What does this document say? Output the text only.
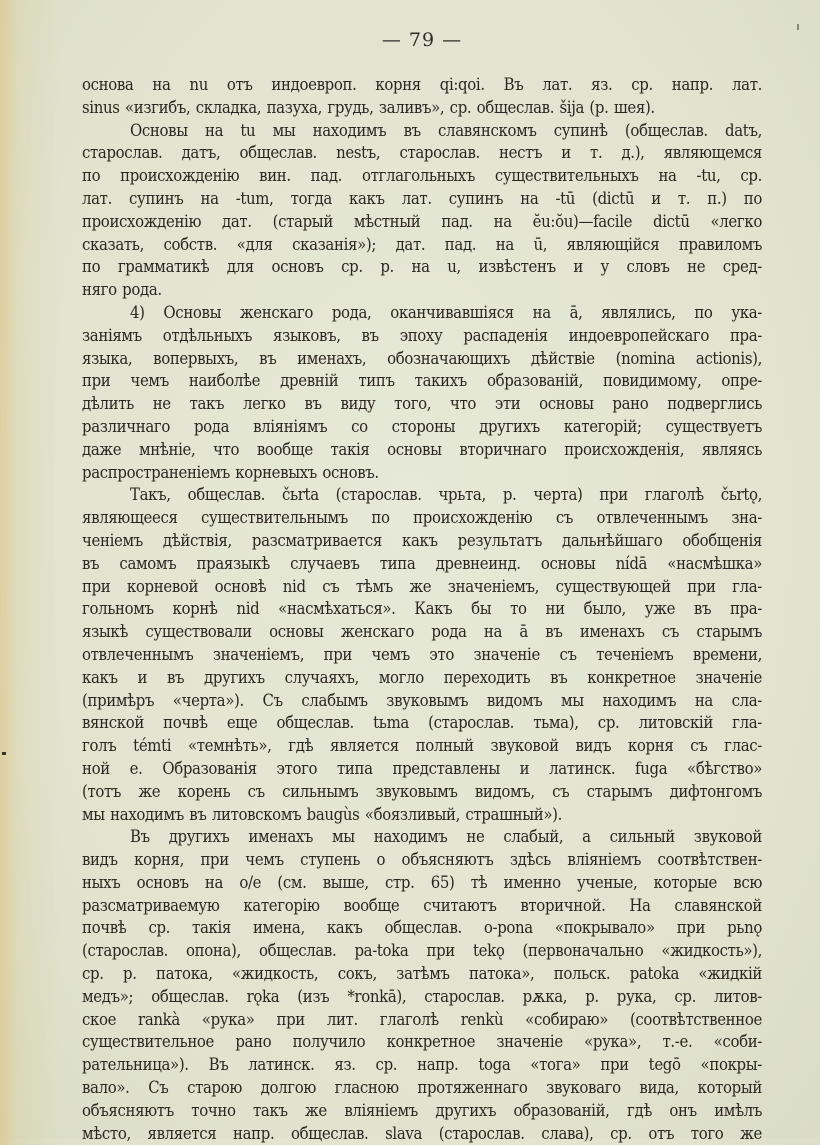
— 79 —
основа на nu отъ индоевроп. корня qi:qoi. Въ лат. яз. ср. напр. лат.
sinus «изгибъ, складка, пазуха, грудь, заливъ», ср. общеслав. šija (р. шея).
Основы на tu мы находимъ въ славянскомъ супинѣ (общеслав. datъ,
старослав. датъ, общеслав. nestъ, старослав. нестъ и т. д.), являющемся
по происхожденію вин. пад. отглагольныхъ существительныхъ на -tu, ср.
лат. супинъ на -tum, тогда какъ лат. супинъ на -tū (dictū и т. п.) по
происхожденію дат. (старый мѣстный пад. на ĕu:ŏu)—facile dictū «легко
сказать, собств. «для сказанія»); дат. пад. на ū, являющійся правиломъ
по грамматикѣ для основъ ср. р. на u, извѣстенъ и у словъ не сред-
няго рода.
4) Основы женскаго рода, оканчивавшіяся на ā, являлись, по ука-
заніямъ отдѣльныхъ языковъ, въ эпоху распаденія индоевропейскаго пра-
языка, вопервыхъ, въ именахъ, обозначающихъ дѣйствіе (nomina actionis),
при чемъ наиболѣе древній типъ такихъ образованій, повидимому, опре-
дѣлить не такъ легко въ виду того, что эти основы рано подверглись
различнаго рода вліяніямъ со стороны другихъ категорій; существуетъ
даже мнѣніе, что вообще такія основы вторичнаго происхожденія, являясь
распространеніемъ корневыхъ основъ.
Такъ, общеслав. čьrta (старослав. чрьта, р. черта) при глаголѣ čьrtǫ,
являющееся существительнымъ по происхожденію съ отвлеченнымъ зна-
ченіемъ дѣйствія, разсматривается какъ результатъ дальнѣйшаго обобщенія
въ самомъ праязыкѣ случаевъ типа древнеинд. основы nídā «насмѣшка»
при корневой основѣ nid съ тѣмъ же значеніемъ, существующей при гла-
гольномъ корнѣ nid «насмѣхаться». Какъ бы то ни было, уже въ пра-
языкѣ существовали основы женскаго рода на ā въ именахъ съ старымъ
отвлеченнымъ значеніемъ, при чемъ это значеніе съ теченіемъ времени,
какъ и въ другихъ случаяхъ, могло переходить въ конкретное значеніе
(примѣръ «черта»). Съ слабымъ звуковымъ видомъ мы находимъ на сла-
вянской почвѣ еще общеслав. tьma (старослав. тьма), ср. литовскій гла-
голъ témti «темнѣть», гдѣ является полный звуковой видъ корня съ глас-
ной е. Образованія этого типа представлены и латинск. fuga «бѣгство»
(тотъ же корень съ сильнымъ звуковымъ видомъ, съ старымъ дифтонгомъ
мы находимъ въ литовскомъ baugùs «боязливый, страшный»).
Въ другихъ именахъ мы находимъ не слабый, а сильный звуковой
видъ корня, при чемъ ступень о объясняютъ здѣсь вліяніемъ соотвѣтствен-
ныхъ основъ на о/е (см. выше, стр. 65) тѣ именно ученые, которые всю
разсматриваемую категорію вообще считаютъ вторичной. На славянской
почвѣ ср. такія имена, какъ общеслав. o-pona «покрывало» при pьnǫ
(старослав. опона), общеслав. pa-toka при tekǫ (первоначально «жидкость»),
ср. р. патока, «жидкость, сокъ, затѣмъ патока», польск. patoka «жидкій
медъ»; общеслав. rǫka (изъ *ronkā), старослав. рѫка, р. рука, ср. литов-
ское rankà «рука» при лит. глаголѣ renkù «собираю» (соотвѣтственное
существительное рано получило конкретное значеніе «рука», т.-е. «соби-
рательница»). Въ латинск. яз. ср. напр. toga «тога» при tegō «покры-
вало». Съ старою долгою гласною протяженнаго звуковаго вида, который
объясняютъ точно такъ же вліяніемъ другихъ образованій, гдѣ онъ имѣлъ
мѣсто, является напр. общеслав. slava (старослав. слава), ср. отъ того же
